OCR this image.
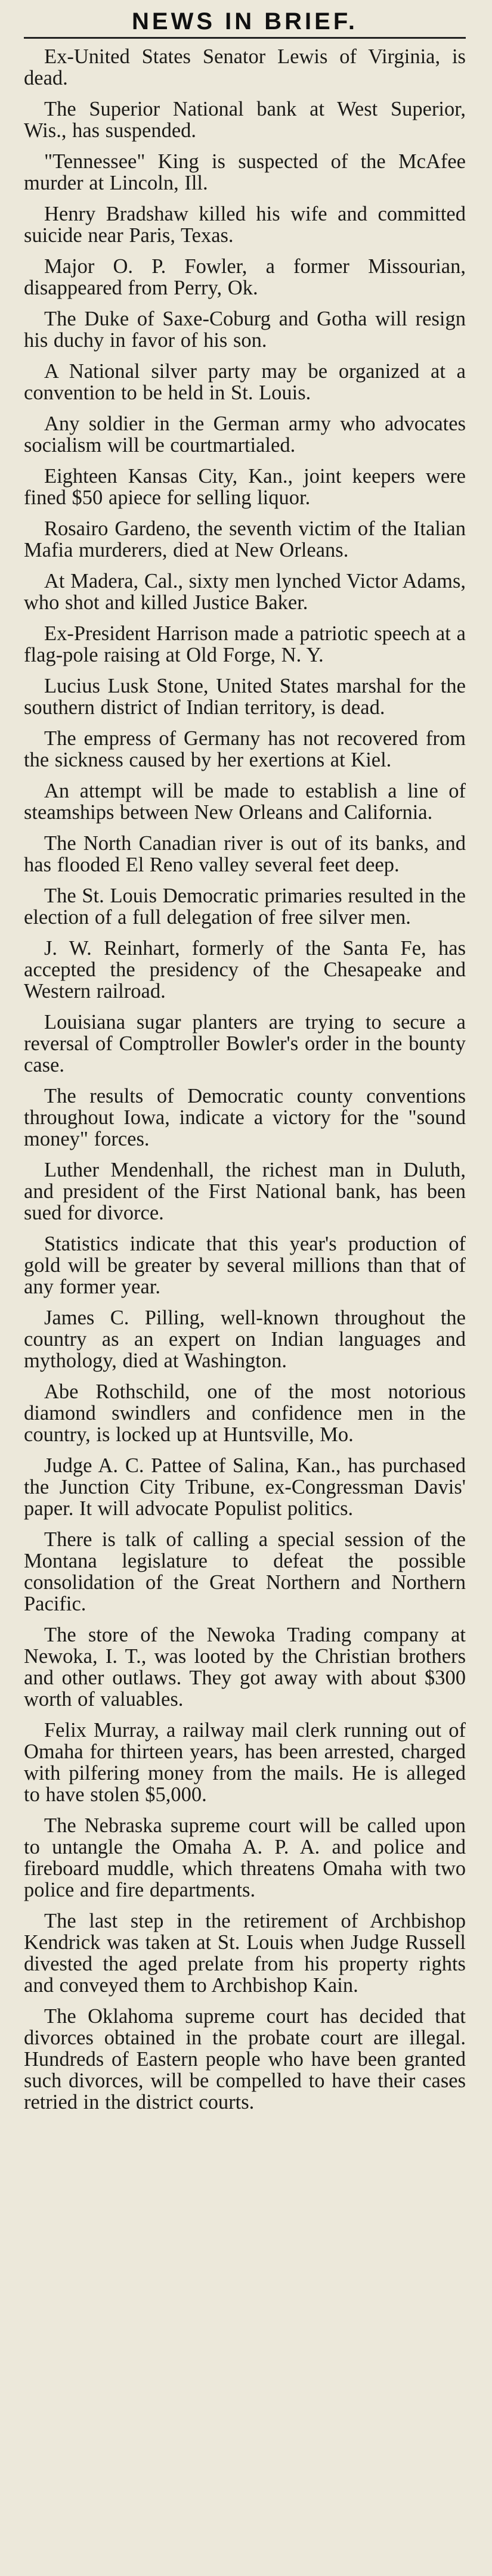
NEWS IN BRIEF.

Ex-United States Senator Lewis of Virginia, is dead.

The Superior National bank at West Superior, Wis., has suspended.

"Tennessee" King is suspected of the McAfee murder at Lincoln, Ill.

Henry Bradshaw killed his wife and committed suicide near Paris, Texas.

Major O. P. Fowler, a former Missourian, disappeared from Perry, Ok.

The Duke of Saxe-Coburg and Gotha will resign his duchy in favor of his son.

A National silver party may be organized at a convention to be held in St. Louis.

Any soldier in the German army who advocates socialism will be courtmartialed.

Eighteen Kansas City, Kan., joint keepers were fined $50 apiece for selling liquor.

Rosairo Gardeno, the seventh victim of the Italian Mafia murderers, died at New Orleans.

At Madera, Cal., sixty men lynched Victor Adams, who shot and killed Justice Baker.

Ex-President Harrison made a patriotic speech at a flag-pole raising at Old Forge, N. Y.

Lucius Lusk Stone, United States marshal for the southern district of Indian territory, is dead.

The empress of Germany has not recovered from the sickness caused by her exertions at Kiel.

An attempt will be made to establish a line of steamships between New Orleans and California.

The North Canadian river is out of its banks, and has flooded El Reno valley several feet deep.

The St. Louis Democratic primaries resulted in the election of a full delegation of free silver men.

J. W. Reinhart, formerly of the Santa Fe, has accepted the presidency of the Chesapeake and Western railroad.

Louisiana sugar planters are trying to secure a reversal of Comptroller Bowler's order in the bounty case.

The results of Democratic county conventions throughout Iowa, indicate a victory for the "sound money" forces.

Luther Mendenhall, the richest man in Duluth, and president of the First National bank, has been sued for divorce.

Statistics indicate that this year's production of gold will be greater by several millions than that of any former year.

James C. Pilling, well-known throughout the country as an expert on Indian languages and mythology, died at Washington.

Abe Rothschild, one of the most notorious diamond swindlers and confidence men in the country, is locked up at Huntsville, Mo.

Judge A. C. Pattee of Salina, Kan., has purchased the Junction City Tribune, ex-Congressman Davis' paper. It will advocate Populist politics.

There is talk of calling a special session of the Montana legislature to defeat the possible consolidation of the Great Northern and Northern Pacific.

The store of the Newoka Trading company at Newoka, I. T., was looted by the Christian brothers and other outlaws. They got away with about $300 worth of valuables.

Felix Murray, a railway mail clerk running out of Omaha for thirteen years, has been arrested, charged with pilfering money from the mails. He is alleged to have stolen $5,000.

The Nebraska supreme court will be called upon to untangle the Omaha A. P. A. and police and fireboard muddle, which threatens Omaha with two police and fire departments.

The last step in the retirement of Archbishop Kendrick was taken at St. Louis when Judge Russell divested the aged prelate from his property rights and conveyed them to Archbishop Kain.

The Oklahoma supreme court has decided that divorces obtained in the probate court are illegal. Hundreds of Eastern people who have been granted such divorces, will be compelled to have their cases retried in the district courts.
